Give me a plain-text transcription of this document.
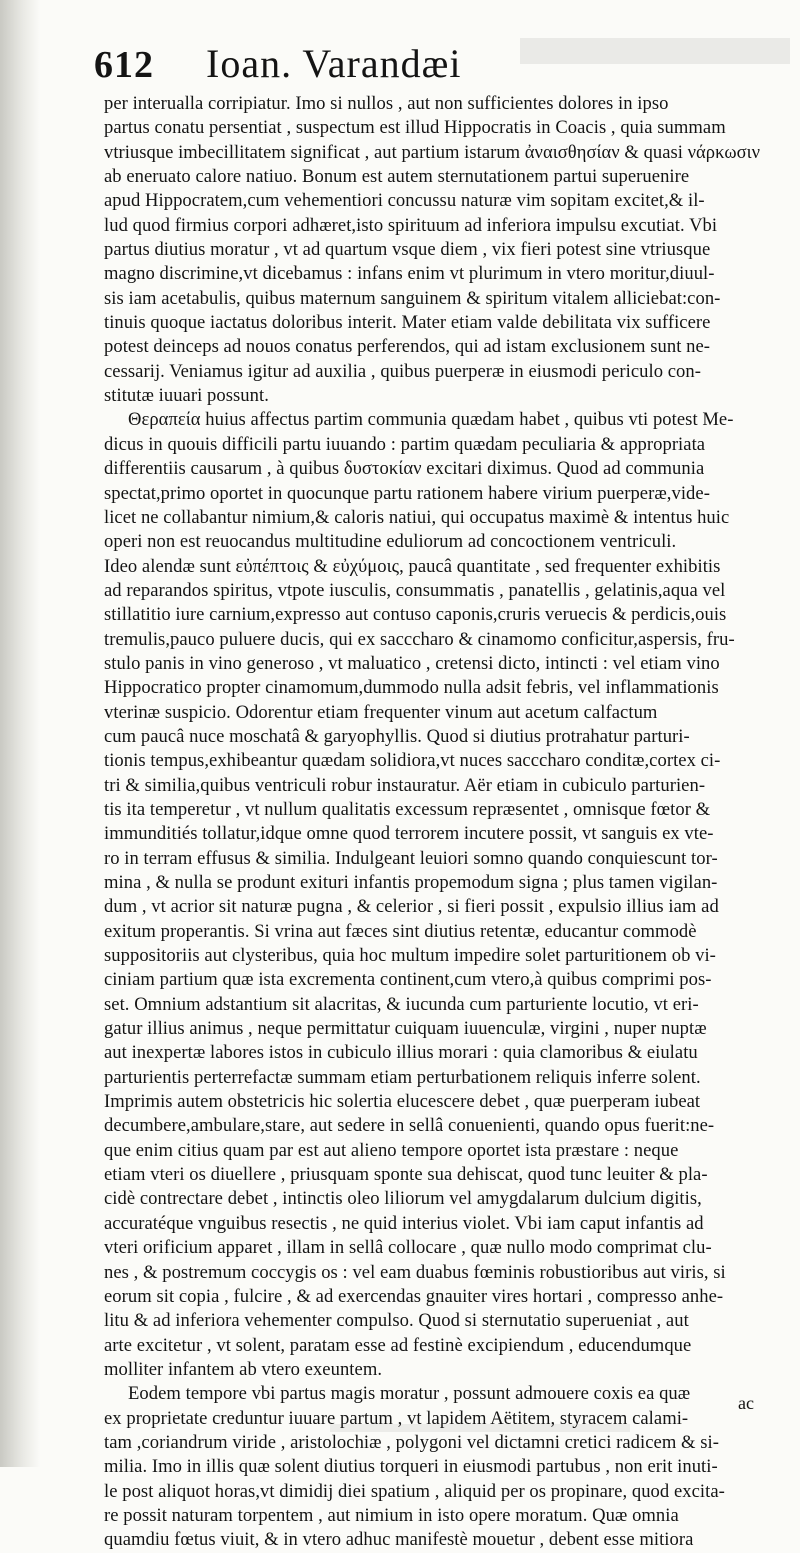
612 Ioan. Varandæi
per interualla corripiatur. Imo si nullos , aut non sufficientes dolores in ipso
partus conatu persentiat , suspectum est illud Hippocratis in Coacis , quia summam
vtriusque imbecillitatem significat , aut partium istarum ἀναισθησίαν & quasi νάρκωσιν
ab eneruato calore natiuo. Bonum est autem sternutationem partui superuenire
apud Hippocratem,cum vehementiori concussu naturæ vim sopitam excitet,& il-
lud quod firmius corpori adhæret,isto spirituum ad inferiora impulsu excutiat. Vbi
partus diutius moratur , vt ad quartum vsque diem , vix fieri potest sine vtriusque
magno discrimine,vt dicebamus : infans enim vt plurimum in vtero moritur,diuul-
sis iam acetabulis, quibus maternum sanguinem & spiritum vitalem alliciebat:con-
tinuis quoque iactatus doloribus interit. Mater etiam valde debilitata vix sufficere
potest deinceps ad nouos conatus perferendos, qui ad istam exclusionem sunt ne-
cessarij. Veniamus igitur ad auxilia , quibus puerperæ in eiusmodi periculo con-
stitutæ iuuari possunt.
Θεραπεία huius affectus partim communia quædam habet , quibus vti potest Me-
dicus in quouis difficili partu iuuando : partim quædam peculiaria & appropriata
differentiis causarum , à quibus δυστοκίαν excitari diximus. Quod ad communia
spectat,primo oportet in quocunque partu rationem habere virium puerperæ,vide-
licet ne collabantur nimium,& caloris natiui, qui occupatus maximè & intentus huic
operi non est reuocandus multitudine eduliorum ad concoctionem ventriculi.
Ideo alendæ sunt εὐπέπτοις & εὐχύμοις, paucâ quantitate , sed frequenter exhibitis
ad reparandos spiritus, vtpote iusculis, consummatis , panatellis , gelatinis,aqua vel
stillatitio iure carnium,expresso aut contuso caponis,cruris veruecis & perdicis,ouis
tremulis,pauco puluere ducis, qui ex sacccharo & cinamomo conficitur,aspersis, fru-
stulo panis in vino generoso , vt maluatico , cretensi dicto, intincti : vel etiam vino
Hippocratico propter cinamomum,dummodo nulla adsit febris, vel inflammationis
vterinæ suspicio. Odorentur etiam frequenter vinum aut acetum calfactum
cum paucâ nuce moschatâ & garyophyllis. Quod si diutius protrahatur parturi-
tionis tempus,exhibeantur quædam solidiora,vt nuces sacccharo conditæ,cortex ci-
tri & similia,quibus ventriculi robur instauratur. Aër etiam in cubiculo parturien-
tis ita temperetur , vt nullum qualitatis excessum repræsentet , omnisque fœtor &
immunditiés tollatur,idque omne quod terrorem incutere possit, vt sanguis ex vte-
ro in terram effusus & similia. Indulgeant leuiori somno quando conquiescunt tor-
mina , & nulla se produnt exituri infantis propemodum signa ; plus tamen vigilan-
dum , vt acrior sit naturæ pugna , & celerior , si fieri possit , expulsio illius iam ad
exitum properantis. Si vrina aut fæces sint diutius retentæ, educantur commodè
suppositoriis aut clysteribus, quia hoc multum impedire solet parturitionem ob vi-
ciniam partium quæ ista excrementa continent,cum vtero,à quibus comprimi pos-
set. Omnium adstantium sit alacritas, & iucunda cum parturiente locutio, vt eri-
gatur illius animus , neque permittatur cuiquam iuuenculæ, virgini , nuper nuptæ
aut inexpertæ labores istos in cubiculo illius morari : quia clamoribus & eiulatu
parturientis perterrefactæ summam etiam perturbationem reliquis inferre solent.
Imprimis autem obstetricis hic solertia elucescere debet , quæ puerperam iubeat
decumbere,ambulare,stare, aut sedere in sellâ conuenienti, quando opus fuerit:ne-
que enim citius quam par est aut alieno tempore oportet ista præstare : neque
etiam vteri os diuellere , priusquam sponte sua dehiscat, quod tunc leuiter & pla-
cidè contrectare debet , intinctis oleo liliorum vel amygdalarum dulcium digitis,
accuratéque vnguibus resectis , ne quid interius violet. Vbi iam caput infantis ad
vteri orificium apparet , illam in sellâ collocare , quæ nullo modo comprimat clu-
nes , & postremum coccygis os : vel eam duabus fœminis robustioribus aut viris, si
eorum sit copia , fulcire , & ad exercendas gnauiter vires hortari , compresso anhe-
litu & ad inferiora vehementer compulso. Quod si sternutatio superueniat , aut
arte excitetur , vt solent, paratam esse ad festinè excipiendum , educendumque
molliter infantem ab vtero exeuntem.
Eodem tempore vbi partus magis moratur , possunt admouere coxis ea quæ
ex proprietate creduntur iuuare partum , vt lapidem Aëtitem, styracem calami-
tam ,coriandrum viride , aristolochiæ , polygoni vel dictamni cretici radicem & si-
milia. Imo in illis quæ solent diutius torqueri in eiusmodi partubus , non erit inuti-
le post aliquot horas,vt dimidij diei spatium , aliquid per os propinare, quod excita-
re possit naturam torpentem , aut nimium in isto opere moratum. Quæ omnia
quamdiu fœtus viuit, & in vtero adhuc manifestè mouetur , debent esse mitiora
ac
